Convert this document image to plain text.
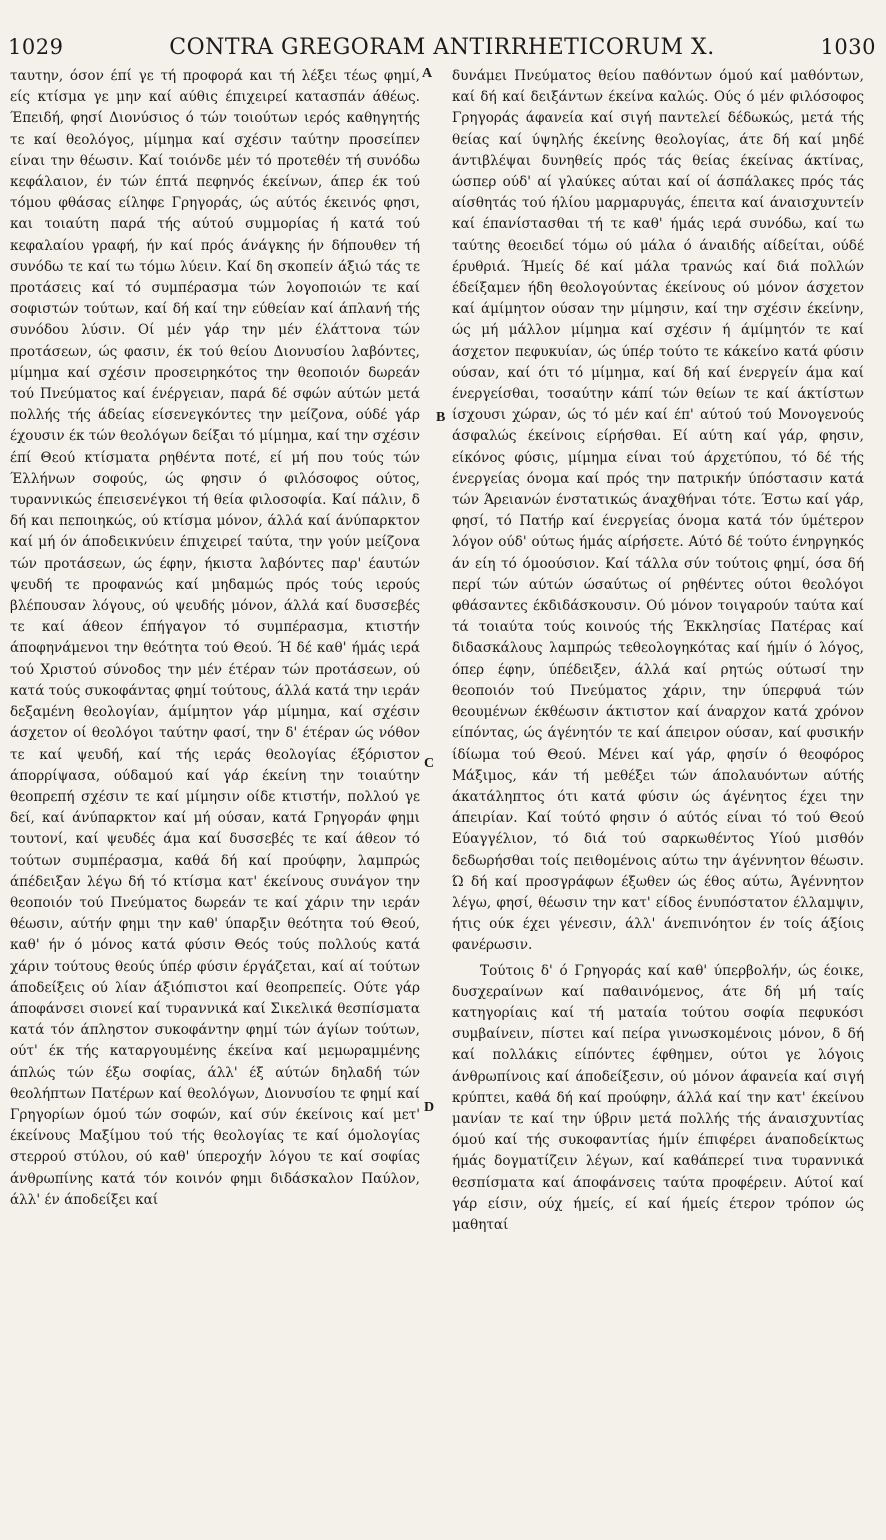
1029	CONTRA GREGORAM ANTIRRHETICORUM X.	1030

ταυτην, όσον έπί γε τή προφορά και τή λέξει τέως φημί, είς κτίσμα γε μην καί αύθις έπιχειρεί κατασπάν άθέως. Έπειδή, φησί Διονύσιος ό τών τοιούτων ιερός καθηγητής τε καί θεολόγος, μίμημα καί σχέσιν ταύτην προσείπεν είναι την θέωσιν. Καί τοιόνδε μέν τό προτεθέν τή συνόδω κεφάλαιον, έν τών έπτά πεφηνός έκείνων, άπερ έκ τού τόμου φθάσας είληφε Γρηγοράς, ώς αύτός έκεινός φησι, και τοιαύτη παρά τής αύτού συμμορίας ή κατά τού κεφαλαίου γραφή, ήν καί πρός άνάγκης ήν δήπουθεν τή συνόδω τε καί τω τόμω λύειν. Καί δη σκοπείν άξιώ τάς τε προτάσεις καί τό συμπέρασμα τών λογοποιών τε καί σοφιστών τούτων, καί δή καί την εύθείαν καί άπλανή τής συνόδου λύσιν. Οί μέν γάρ την μέν έλάττονα τών προτάσεων, ώς φασιν, έκ τού θείου Διονυσίου λαβόντες, μίμημα καί σχέσιν προσειρηκότος την θεοποιόν δωρεάν τού Πνεύματος καί ένέργειαν, παρά δέ σφών αύτών μετά πολλής τής άδείας είσενεγκόντες την μείζονα, ούδέ γάρ έχουσιν έκ τών θεολόγων δείξαι τό μίμημα, καί την σχέσιν έπί Θεού κτίσματα ρηθέντα ποτέ, εί μή που τούς τών Έλλήνων σοφούς, ώς φησιν ό φιλόσοφος ούτος, τυραννικώς έπεισενέγκοι τή θεία φιλοσοφία. Καί πάλιν, δ δή και πεποιηκώς, ού κτίσμα μόνον, άλλά καί άνύπαρκτον καί μή όν άποδεικνύειν έπιχειρεί ταύτα, την γούν μείζονα τών προτάσεων, ώς έφην, ήκιστα λαβόντες παρ' έαυτών ψευδή τε προφανώς καί μηδαμώς πρός τούς ιερούς βλέπουσαν λόγους, ού ψευδής μόνον, άλλά καί δυσσεβές τε καί άθεον έπήγαγον τό συμπέρασμα, κτιστήν άποφηνάμενοι την θεότητα τού Θεού. Ή δέ καθ' ήμάς ιερά τού Χριστού σύνοδος την μέν έτέραν τών προτάσεων, ού κατά τούς συκοφάντας φημί τούτους, άλλά κατά την ιεράν δεξαμένη θεολογίαν, άμίμητον γάρ μίμημα, καί σχέσιν άσχετον οί θεολόγοι ταύτην φασί, την δ' έτέραν ώς νόθον τε καί ψευδή, καί τής ιεράς θεολογίας έξόριστον άπορρίψασα, ούδαμού καί γάρ έκείνη την τοιαύτην θεοπρεπή σχέσιν τε καί μίμησιν οίδε κτιστήν, πολλού γε δεί, καί άνύπαρκτον καί μή ούσαν, κατά Γρηγοράν φημι τουτονί, καί ψευδές άμα καί δυσσεβές τε καί άθεον τό τούτων συμπέρασμα, καθά δή καί προύφην, λαμπρώς άπέδειξαν λέγω δή τό κτίσμα κατ' έκείνους συνάγον την θεοποιόν τού Πνεύματος δωρεάν τε καί χάριν την ιεράν θέωσιν, αύτήν φημι την καθ' ύπαρξιν θεότητα τού Θεού, καθ' ήν ό μόνος κατά φύσιν Θεός τούς πολλούς κατά χάριν τούτους θεούς ύπέρ φύσιν έργάζεται, καί αί τούτων άποδείξεις ού λίαν άξιόπιστοι καί θεοπρεπείς. Ούτε γάρ άποφάνσει σιονεί καί τυραννικά καί Σικελικά θεσπίσματα κατά τόν άπληστον συκοφάντην φημί τών άγίων τούτων, ούτ' έκ τής καταργουμένης έκείνα καί μεμωραμμένης άπλώς τών έξω σοφίας, άλλ' έξ αύτών δηλαδή τών θεολήπτων Πατέρων καί θεολόγων, Διονυσίου τε φημί καί Γρηγορίων όμού τών σοφών, καί σύν έκείνοις καί μετ' έκείνους Μαξίμου τού τής θεολογίας τε καί όμολογίας στερρού στύλου, ού καθ' ύπεροχήν λόγου τε καί σοφίας άνθρωπίνης κατά τόν κοινόν φημι διδάσκαλον Παύλον, άλλ' έν άποδείξει καί

A
B
C
D

δυνάμει Πνεύματος θείου παθόντων όμού καί μαθόντων, καί δή καί δειξάντων έκείνα καλώς. Ούς ό μέν φιλόσοφος Γρηγοράς άφανεία καί σιγή παντελεί δέδωκώς, μετά τής θείας καί ύψηλής έκείνης θεολογίας, άτε δή καί μηδέ άντιβλέψαι δυνηθείς πρός τάς θείας έκείνας άκτίνας, ώσπερ ούδ' αί γλαύκες αύται καί οί άσπάλακες πρός τάς αίσθητάς τού ήλίου μαρμαρυγάς, έπειτα καί άναισχυντείν καί έπανίστασθαι τή τε καθ' ήμάς ιερά συνόδω, καί τω ταύτης θεοειδεί τόμω ού μάλα ό άναιδής αίδείται, ούδέ έρυθριά. Ήμείς δέ καί μάλα τρανώς καί διά πολλών έδείξαμεν ήδη θεολογούντας έκείνους ού μόνον άσχετον καί άμίμητον ούσαν την μίμησιν, καί την σχέσιν έκείνην, ώς μή μάλλον μίμημα καί σχέσιν ή άμίμητόν τε καί άσχετον πεφυκυίαν, ώς ύπέρ τούτο τε κάκείνο κατά φύσιν ούσαν, καί ότι τό μίμημα, καί δή καί ένεργείν άμα καί ένεργείσθαι, τοσαύτην κάπί τών θείων τε καί άκτίστων ίσχουσι χώραν, ώς τό μέν καί έπ' αύτού τού Μονογενούς άσφαλώς έκείνοις είρήσθαι. Εί αύτη καί γάρ, φησιν, είκόνος φύσις, μίμημα είναι τού άρχετύπου, τό δέ τής ένεργείας όνομα καί πρός την πατρικήν ύπόστασιν κατά τών Άρειανών ένστατικώς άναχθήναι τότε. Έστω καί γάρ, φησί, τό Πατήρ καί ένεργείας όνομα κατά τόν ύμέτερον λόγον ούδ' ούτως ήμάς αίρήσετε. Αύτό δέ τούτο ένηργηκός άν είη τό όμοούσιον. Καί τάλλα σύν τούτοις φημί, όσα δή περί τών αύτών ώσαύτως οί ρηθέντες ούτοι θεολόγοι φθάσαντες έκδιδάσκουσιν. Ού μόνον τοιγαρούν ταύτα καί τά τοιαύτα τούς κοινούς τής Έκκλησίας Πατέρας καί διδασκάλους λαμπρώς τεθεολογηκότας καί ήμίν ό λόγος, όπερ έφην, ύπέδειξεν, άλλά καί ρητώς ούτωσί την θεοποιόν τού Πνεύματος χάριν, την ύπερφυά τών θεουμένων έκθέωσιν άκτιστον καί άναρχον κατά χρόνον είπόντας, ώς άγένητόν τε καί άπειρον ούσαν, καί φυσικήν ίδίωμα τού Θεού. Μένει καί γάρ, φησίν ό θεοφόρος Μάξιμος, κάν τή μεθέξει τών άπολαυόντων αύτής άκατάληπτος ότι κατά φύσιν ώς άγένητος έχει την άπειρίαν. Καί τούτό φησιν ό αύτός είναι τό τού Θεού Εύαγγέλιον, τό διά τού σαρκωθέντος Υίού μισθόν δεδωρήσθαι τοίς πειθομένοις αύτω την άγέννητον θέωσιν. Ώ δή καί προσγράφων έξωθεν ώς έθος αύτω, Άγέννητον λέγω, φησί, θέωσιν την κατ' είδος ένυπόστατον έλλαμψιν, ήτις ούκ έχει γένεσιν, άλλ' άνεπινόητον έν τοίς άξίοις φανέρωσιν.

Τούτοις δ' ό Γρηγοράς καί καθ' ύπερβολήν, ώς έοικε, δυσχεραίνων καί παθαινόμενος, άτε δή μή ταίς κατηγορίαις καί τή ματαία τούτου σοφία πεφυκόσι συμβαίνειν, πίστει καί πείρα γινωσκομένοις μόνον, δ δή καί πολλάκις είπόντες έφθημεν, ούτοι γε λόγοις άνθρωπίνοις καί άποδείξεσιν, ού μόνον άφανεία καί σιγή κρύπτει, καθά δή καί προύφην, άλλά καί την κατ' έκείνου μανίαν τε καί την ύβριν μετά πολλής τής άναισχυντίας όμού καί τής συκοφαντίας ήμίν έπιφέρει άναποδείκτως ήμάς δογματίζειν λέγων, καί καθάπερεί τινα τυραννικά θεσπίσματα καί άποφάνσεις ταύτα προφέρειν. Αύτοί καί γάρ είσιν, ούχ ήμείς, εί καί ήμείς έτερον τρόπον ώς μαθηταί
